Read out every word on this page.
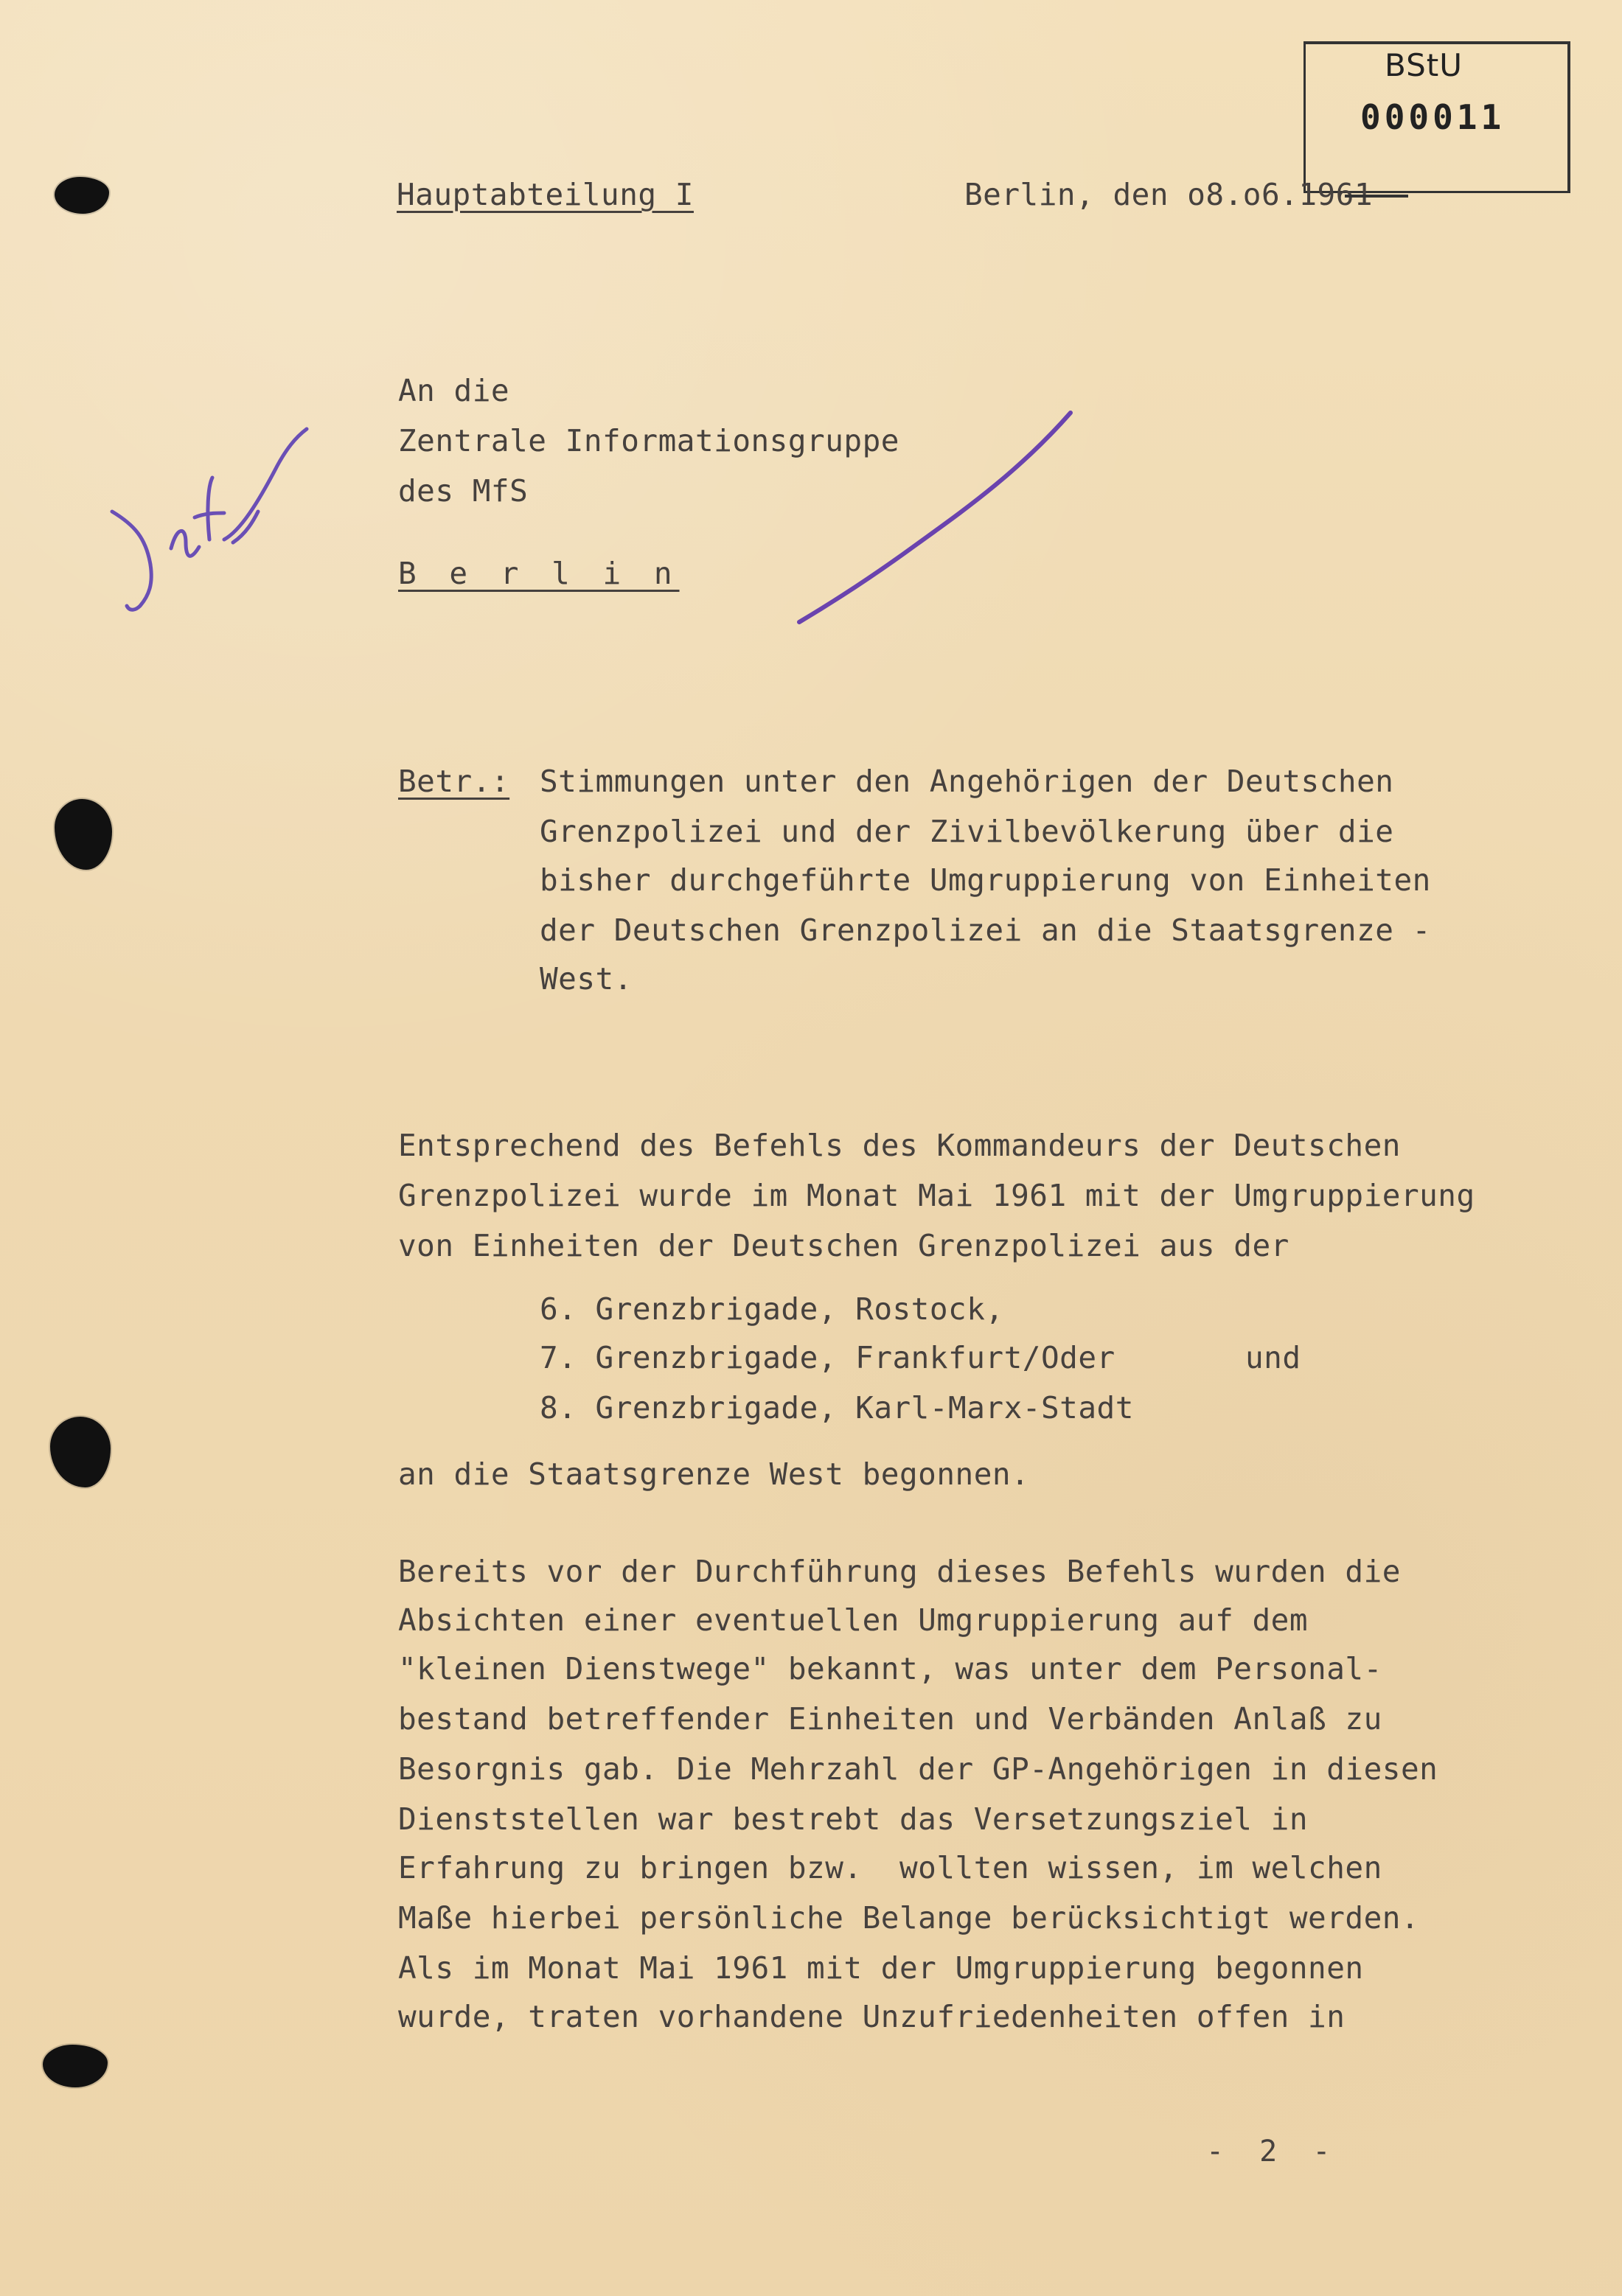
BStU
000011
Hauptabteilung I	Berlin, den o8.o6.1961
An die
Zentrale Informationsgruppe
des MfS
B e r l i n
Betr.: Stimmungen unter den Angehörigen der Deutschen
Grenzpolizei und der Zivilbevölkerung über die
bisher durchgeführte Umgruppierung von Einheiten
der Deutschen Grenzpolizei an die Staatsgrenze -
West.
Entsprechend des Befehls des Kommandeurs der Deutschen
Grenzpolizei wurde im Monat Mai 1961 mit der Umgruppierung
von Einheiten der Deutschen Grenzpolizei aus der
6. Grenzbrigade, Rostock,
7. Grenzbrigade, Frankfurt/Oder       und
8. Grenzbrigade, Karl-Marx-Stadt
an die Staatsgrenze West begonnen.
Bereits vor der Durchführung dieses Befehls wurden die
Absichten einer eventuellen Umgruppierung auf dem
"kleinen Dienstwege" bekannt, was unter dem Personal-
bestand betreffender Einheiten und Verbänden Anlaß zu
Besorgnis gab. Die Mehrzahl der GP-Angehörigen in diesen
Dienststellen war bestrebt das Versetzungsziel in
Erfahrung zu bringen bzw.  wollten wissen, im welchen
Maße hierbei persönliche Belange berücksichtigt werden.
Als im Monat Mai 1961 mit der Umgruppierung begonnen
wurde, traten vorhandene Unzufriedenheiten offen in
- 2 -
